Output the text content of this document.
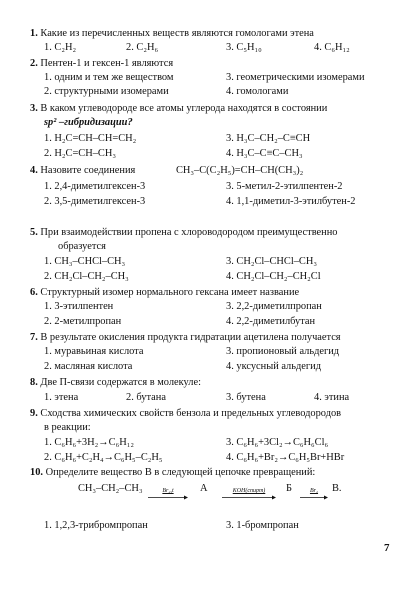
1. Какие из перечисленных веществ являются гомологами этена
1. C₂H₂	2. C₂H₆	3. C₅H₁₀	4. C₆H₁₂
2. Пентен-1 и гексен-1 являются
1. одним и тем же веществом	3. геометрическими изомерами
2. структурными изомерами	4. гомологами
3. В каком углеводороде все атомы углерода находятся в состоянии
sp² –гибридизации?
1. H₂C=CH–CH=CH₂	3. H₃C–CH₂–C≡CH
2. H₂C=CH–CH₃	4. H₃C–C≡C–CH₃
4. Назовите соединения	CH₃–C(C₂H₅)=CH–CH(CH₃)₂
1. 2,4-диметилгексен-3	3. 5-метил-2-этилпентен-2
2. 3,5-диметилгексен-3	4. 1,1-диметил-3-этилбутен-2
5. При взаимодействии пропена с хлороводородом преимущественно
образуется
1. CH₃–CHCl–CH₃	3. CH₂Cl–CHCl–CH₃
2. CH₂Cl–CH₂–CH₃	4. CH₂Cl–CH₂–CH₂Cl
6. Структурный изомер нормального гексана имеет название
1. 3-этилпентен	3. 2,2-диметилпропан
2. 2-метилпропан	4. 2,2-диметилбутан
7. В результате окисления продукта гидратации ацетилена получается
1. муравьиная кислота	3. пропионовый альдегид
2. масляная кислота	4. уксусный альдегид
8. Две П-связи содержатся в молекуле:
1. этена	2. бутана	3. бутена	4. этина
9. Сходства химических свойств бензола и предельных углеводородов
в реакции:
1. C₆H₆+3H₂→C₆H₁₂	3. C₆H₆+3Cl₂→C₆H₆Cl₆
2. C₆H₆+C₂H₄→C₆H₅–C₂H₅	4. C₆H₆+Br₂→C₆H₅Br+HBr
10. Определите вещество В в следующей цепочке превращений:
CH₃–CH₂–CH₃	Br₂,t	A	KOH(спирт)	Б	Br₂	В.
1. 1,2,3-трибромпропан	3. 1-бромпропан
7
